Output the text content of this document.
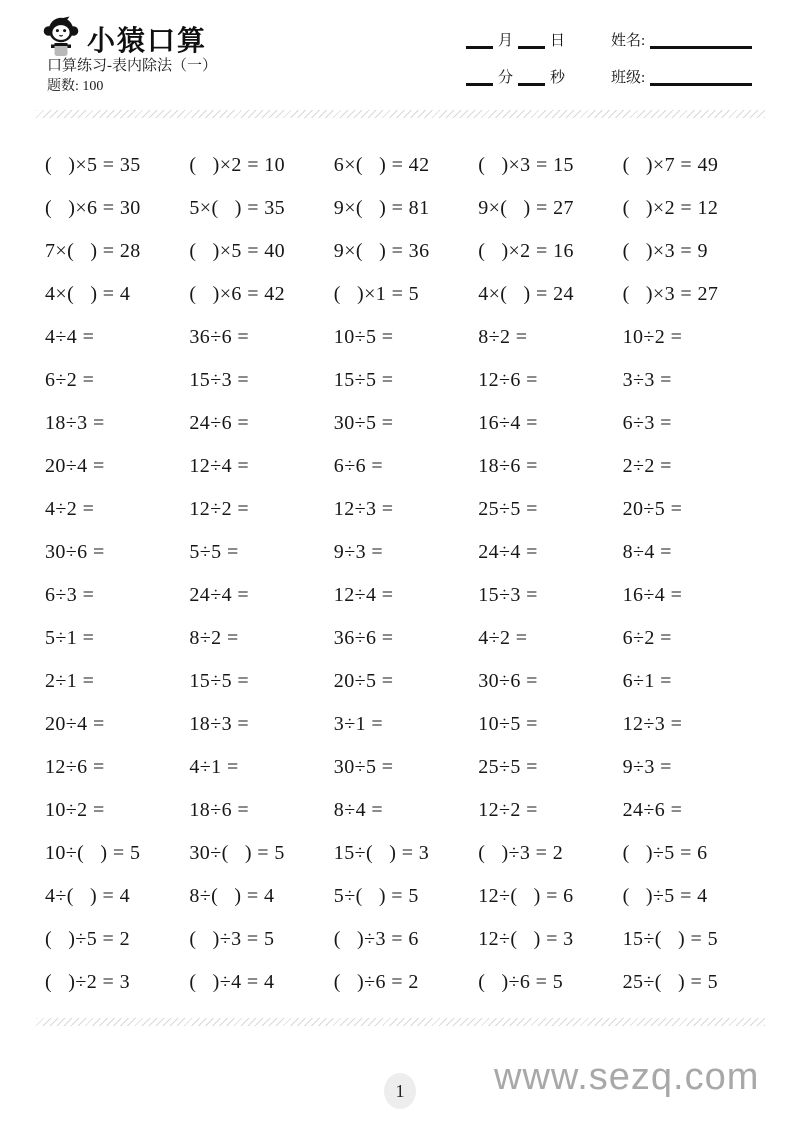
小猿口算
口算练习-表内除法（一）
题数: 100
月 日	姓名:
分 秒	班级:
(   )×5 = 35	(   )×2 = 10	6×(   ) = 42	(   )×3 = 15	(   )×7 = 49
(   )×6 = 30	5×(   ) = 35	9×(   ) = 81	9×(   ) = 27	(   )×2 = 12
7×(   ) = 28	(   )×5 = 40	9×(   ) = 36	(   )×2 = 16	(   )×3 = 9
4×(   ) = 4	(   )×6 = 42	(   )×1 = 5	4×(   ) = 24	(   )×3 = 27
4÷4 =	36÷6 =	10÷5 =	8÷2 =	10÷2 =
6÷2 =	15÷3 =	15÷5 =	12÷6 =	3÷3 =
18÷3 =	24÷6 =	30÷5 =	16÷4 =	6÷3 =
20÷4 =	12÷4 =	6÷6 =	18÷6 =	2÷2 =
4÷2 =	12÷2 =	12÷3 =	25÷5 =	20÷5 =
30÷6 =	5÷5 =	9÷3 =	24÷4 =	8÷4 =
6÷3 =	24÷4 =	12÷4 =	15÷3 =	16÷4 =
5÷1 =	8÷2 =	36÷6 =	4÷2 =	6÷2 =
2÷1 =	15÷5 =	20÷5 =	30÷6 =	6÷1 =
20÷4 =	18÷3 =	3÷1 =	10÷5 =	12÷3 =
12÷6 =	4÷1 =	30÷5 =	25÷5 =	9÷3 =
10÷2 =	18÷6 =	8÷4 =	12÷2 =	24÷6 =
10÷(   ) = 5	30÷(   ) = 5	15÷(   ) = 3	(   )÷3 = 2	(   )÷5 = 6
4÷(   ) = 4	8÷(   ) = 4	5÷(   ) = 5	12÷(   ) = 6	(   )÷5 = 4
(   )÷5 = 2	(   )÷3 = 5	(   )÷3 = 6	12÷(   ) = 3	15÷(   ) = 5
(   )÷2 = 3	(   )÷4 = 4	(   )÷6 = 2	(   )÷6 = 5	25÷(   ) = 5
1 www.sezq.com
